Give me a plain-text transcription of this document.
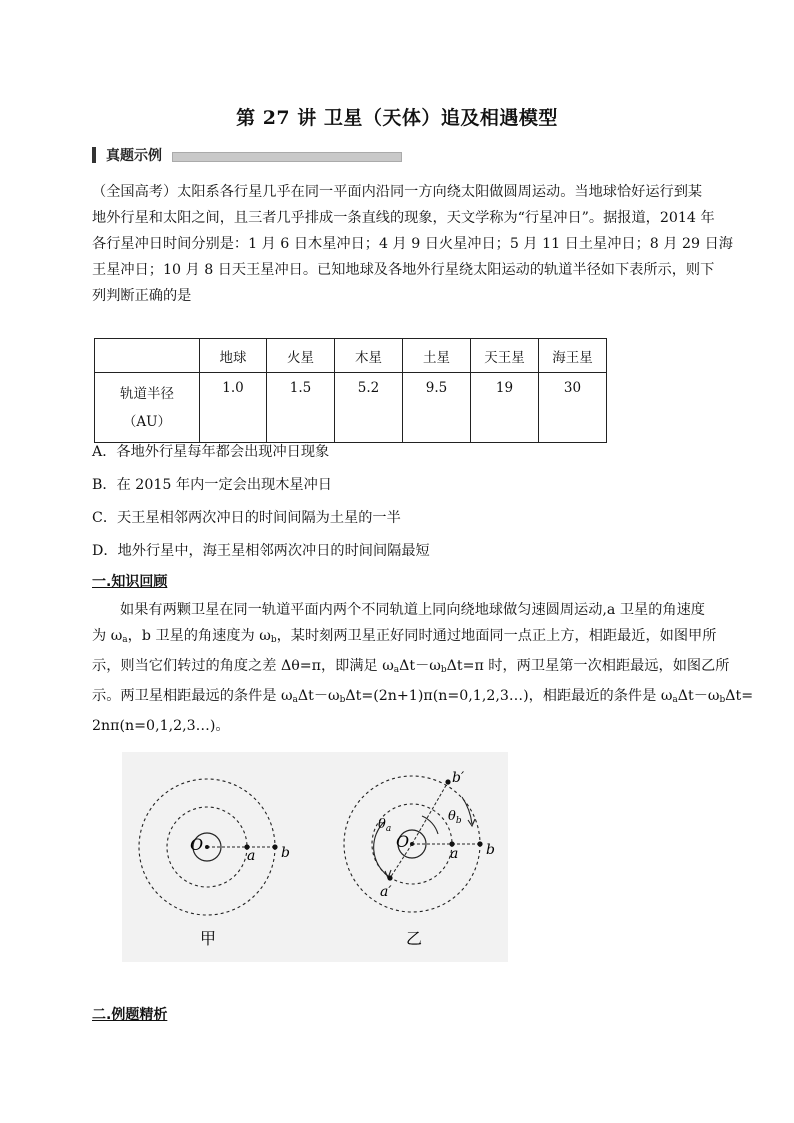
第 27 讲 卫星（天体）追及相遇模型
真题示例
（全国高考）太阳系各行星几乎在同一平面内沿同一方向绕太阳做圆周运动。当地球恰好运行到某
地外行星和太阳之间，且三者几乎排成一条直线的现象，天文学称为“行星冲日”。据报道，2014 年
各行星冲日时间分别是：1 月 6 日木星冲日；4 月 9 日火星冲日；5 月 11 日土星冲日；8 月 29 日海
王星冲日；10 月 8 日天王星冲日。已知地球及各地外行星绕太阳运动的轨道半径如下表所示，则下
列判断正确的是
	地球	火星	木星	土星	天王星	海王星

轨道半径
（AU）	1.0	1.5	5.2	9.5	19	30
A．各地外行星每年都会出现冲日现象
B．在 2015 年内一定会出现木星冲日
C．天王星相邻两次冲日的时间间隔为土星的一半
D．地外行星中，海王星相邻两次冲日的时间间隔最短
一.知识回顾
如果有两颗卫星在同一轨道平面内两个不同轨道上同向绕地球做匀速圆周运动,a 卫星的角速度
为 $\omega_a$，b 卫星的角速度为 $\omega_b$，某时刻两卫星正好同时通过地面同一点正上方，相距最近，如图甲所
示，则当它们转过的角度之差 Δθ=π，即满足 $\omega_a\Delta t-\omega_b\Delta t=\pi$ 时，两卫星第一次相距最远，如图乙所
示。两卫星相距最远的条件是 $\omega_a\Delta t-\omega_b\Delta t=(2n+1)\pi(n=0,1,2,3\dots)$，相距最近的条件是 $\omega_a\Delta t-\omega_b\Delta t=$
2nπ(n=0,1,2,3…)。
O
a b
甲
O
a b
a′
b′
$\theta_a$
$\theta_b$
乙
二.例题精析
